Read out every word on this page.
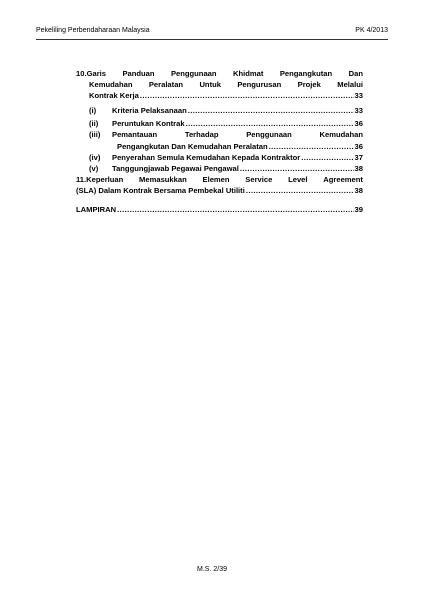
Pekeliling Perbendaharaan Malaysia	PK 4/2013
10.Garis Panduan Penggunaan Khidmat Pengangkutan Dan
Kemudahan Peralatan Untuk Pengurusan Projek Melalui
Kontrak Kerja .....	33
(i)	Kriteria Pelaksanaan .....	33
(ii)	Peruntukan Kontrak .....	36
(iii)	Pemantauan	Terhadap	Penggunaan	Kemudahan
Pengangkutan Dan Kemudahan Peralatan .....	36
(iv)	Penyerahan Semula Kemudahan Kepada Kontraktor .....	37
(v)	Tanggungjawab Pegawai Pengawal .....	38
11.Keperluan Memasukkan Elemen Service Level Agreement
(SLA) Dalam Kontrak Bersama Pembekal Utiliti .....	38
LAMPIRAN .....	39
M.S. 2/39
